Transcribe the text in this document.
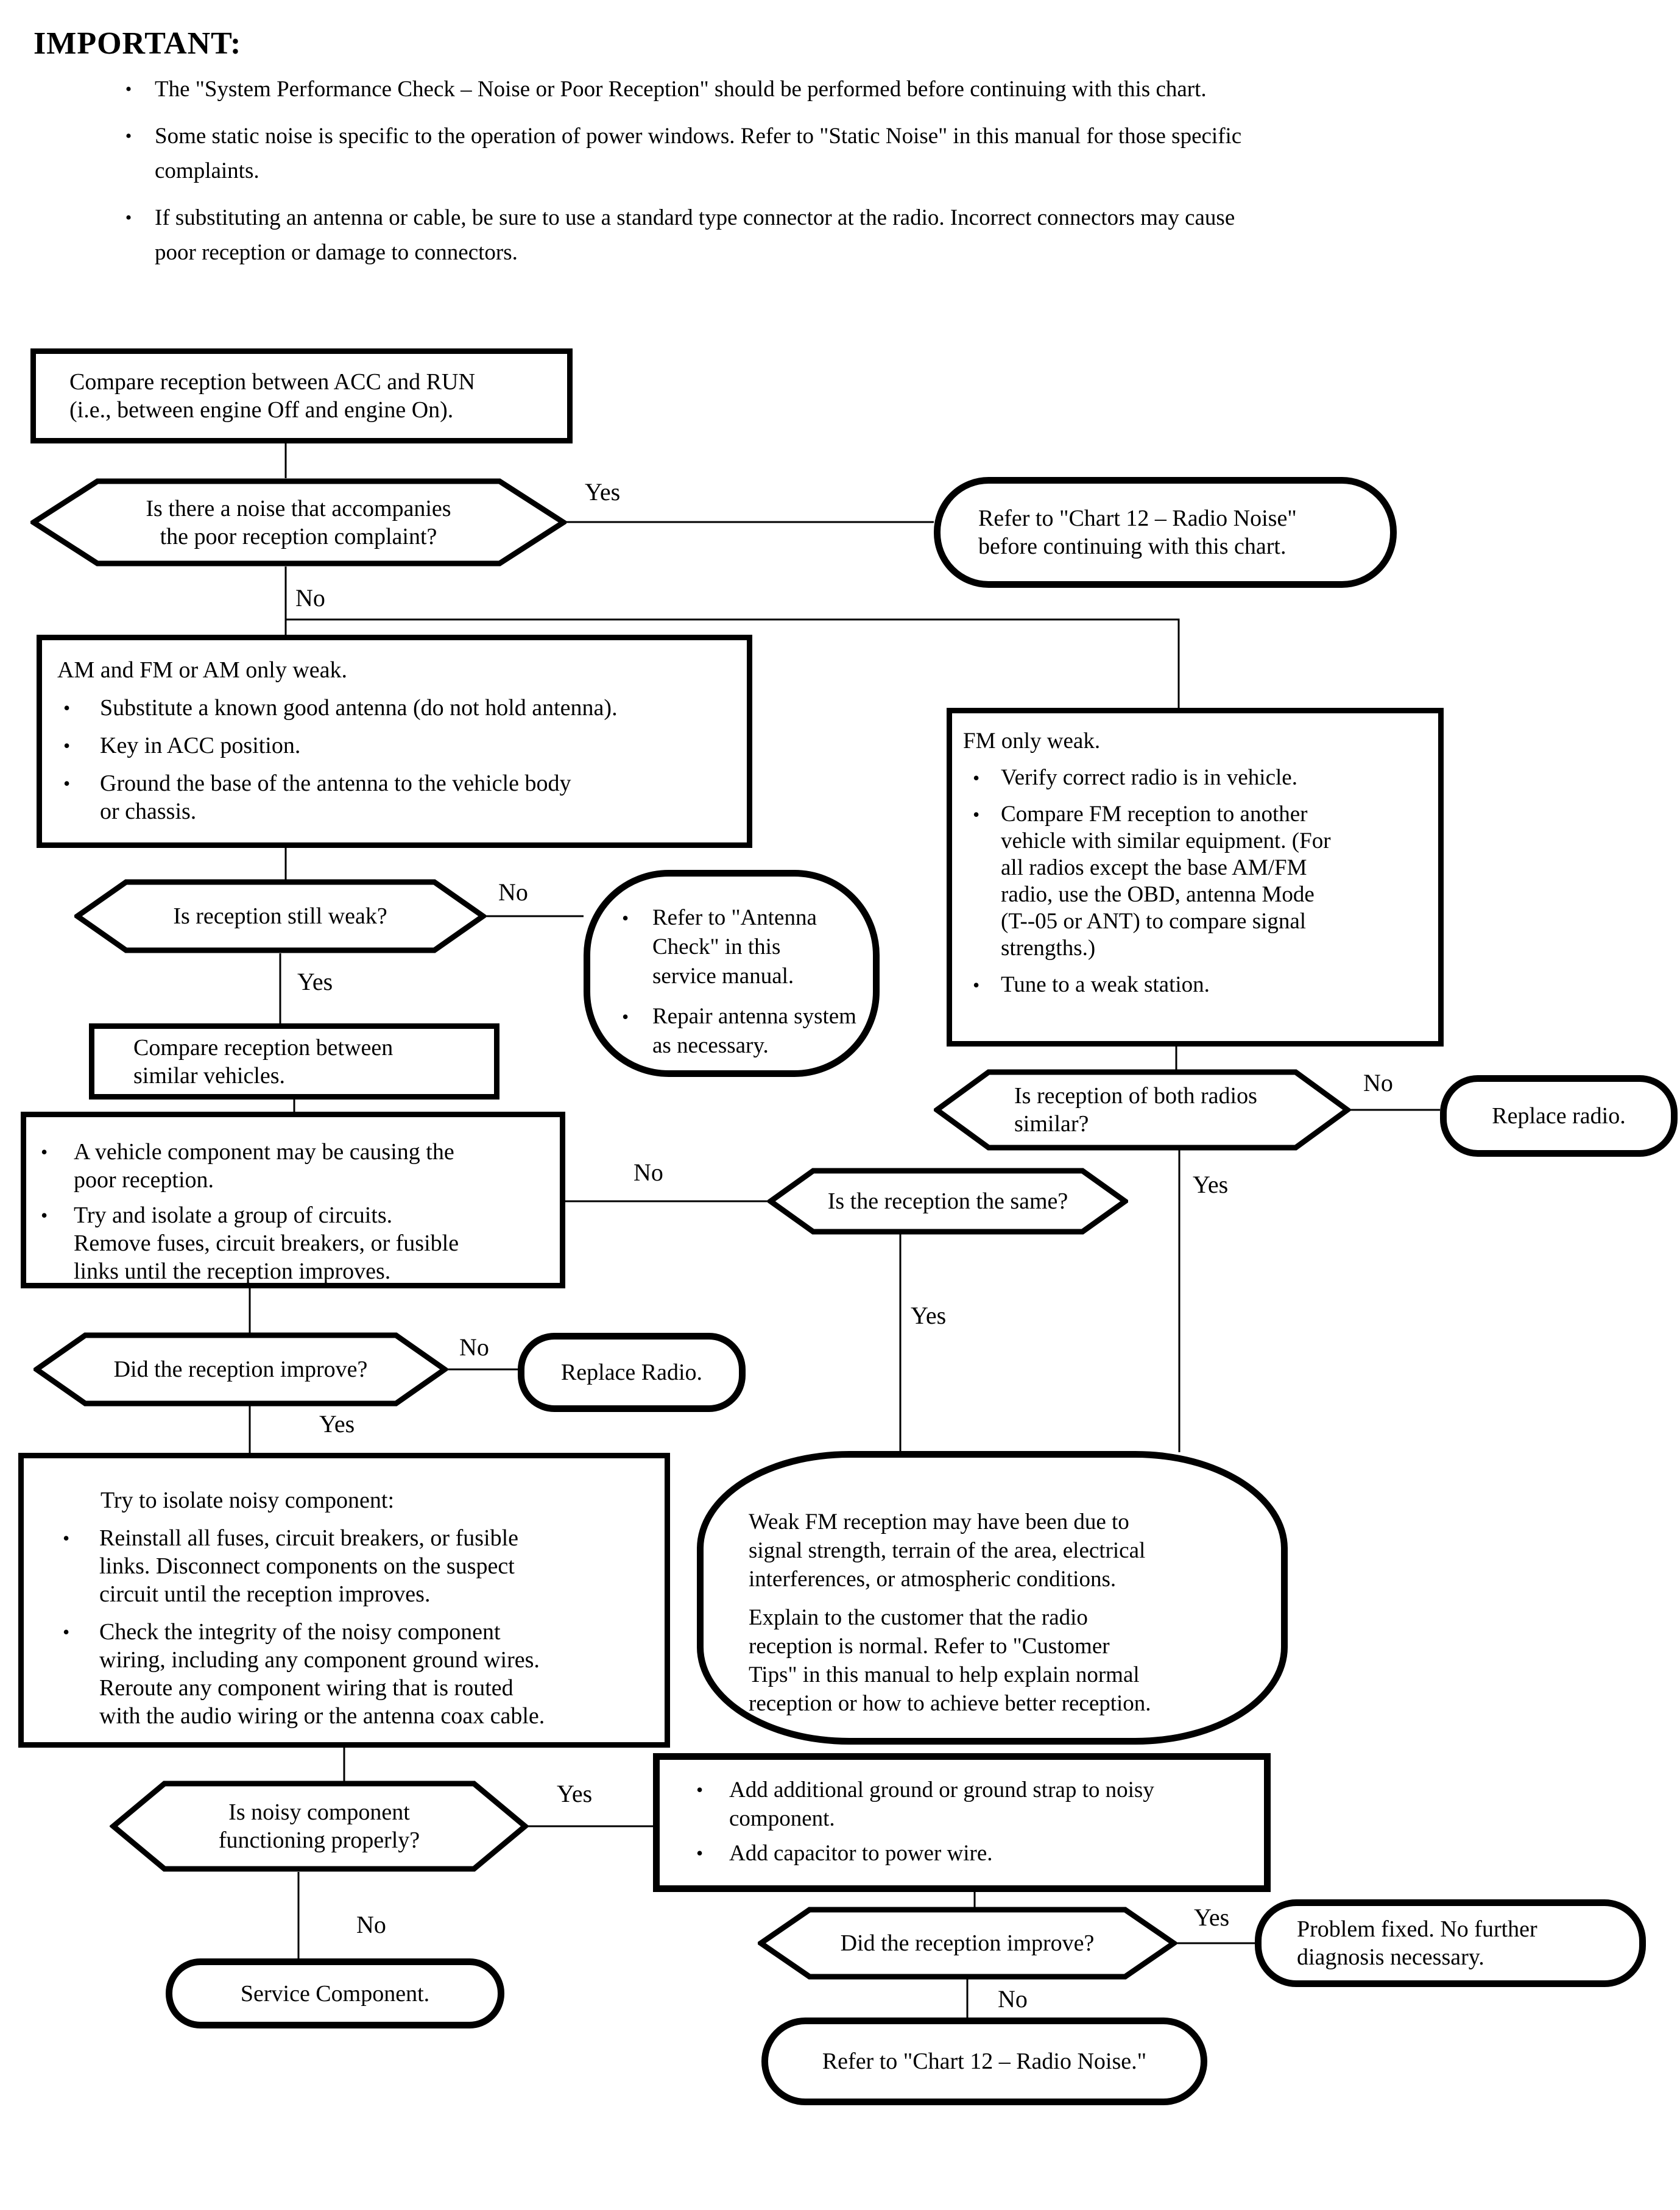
IMPORTANT:
•	The "System Performance Check – Noise or Poor Reception" should be performed before continuing with this chart.
•	Some static noise is specific to the operation of power windows. Refer to "Static Noise" in this manual for those specific
complaints.
•	If substituting an antenna or cable, be sure to use a standard type connector at the radio. Incorrect connectors may cause
poor reception or damage to connectors.
Yes
No
No
Yes
No
Yes
No
Yes
No
Yes
Yes
No	Yes
No
Compare reception between ACC and RUN
(i.e., between engine Off and engine On).
Is there a noise that accompanies
the poor reception complaint?
Refer to "Chart 12 – Radio Noise"
before continuing with this chart.
AM and FM or AM only weak.
•	Substitute a known good antenna (do not hold antenna).
•	Key in ACC position.
•	Ground the base of the antenna to the vehicle body
or chassis.
FM only weak.
• Verify correct radio is in vehicle.
• Compare FM reception to another
vehicle with similar equipment. (For
all radios except the base AM/FM
radio, use the OBD, antenna Mode
(T--05 or ANT) to compare signal
strengths.)
• Tune to a weak station.
Is reception still weak?	•	Refer to "Antenna
Check" in this
service manual.
•	Repair antenna system
as necessary.
Compare reception between
similar vehicles.
•	A vehicle component may be causing the
poor reception.
•	Try and isolate a group of circuits.
Remove fuses, circuit breakers, or fusible
links until the reception improves.
Is the reception the same?
Is reception of both radios
similar?	Replace radio.
Weak FM reception may have been due to
signal strength, terrain of the area, electrical
interferences, or atmospheric conditions.
Explain to the customer that the radio
reception is normal. Refer to "Customer
Tips" in this manual to help explain normal
reception or how to achieve better reception.
Did the reception improve?	Replace Radio.
Try to isolate noisy component:
•	Reinstall all fuses, circuit breakers, or fusible
links. Disconnect components on the suspect
circuit until the reception improves.
•	Check the integrity of the noisy component
wiring, including any component ground wires.
Reroute any component wiring that is routed
with the audio wiring or the antenna coax cable.
Is noisy component
functioning properly?
•	Add additional ground or ground strap to noisy
component.
•	Add capacitor to power wire.
Did the reception improve?
Problem fixed. No further
diagnosis necessary.
Refer to "Chart 12 – Radio Noise."
Service Component.
